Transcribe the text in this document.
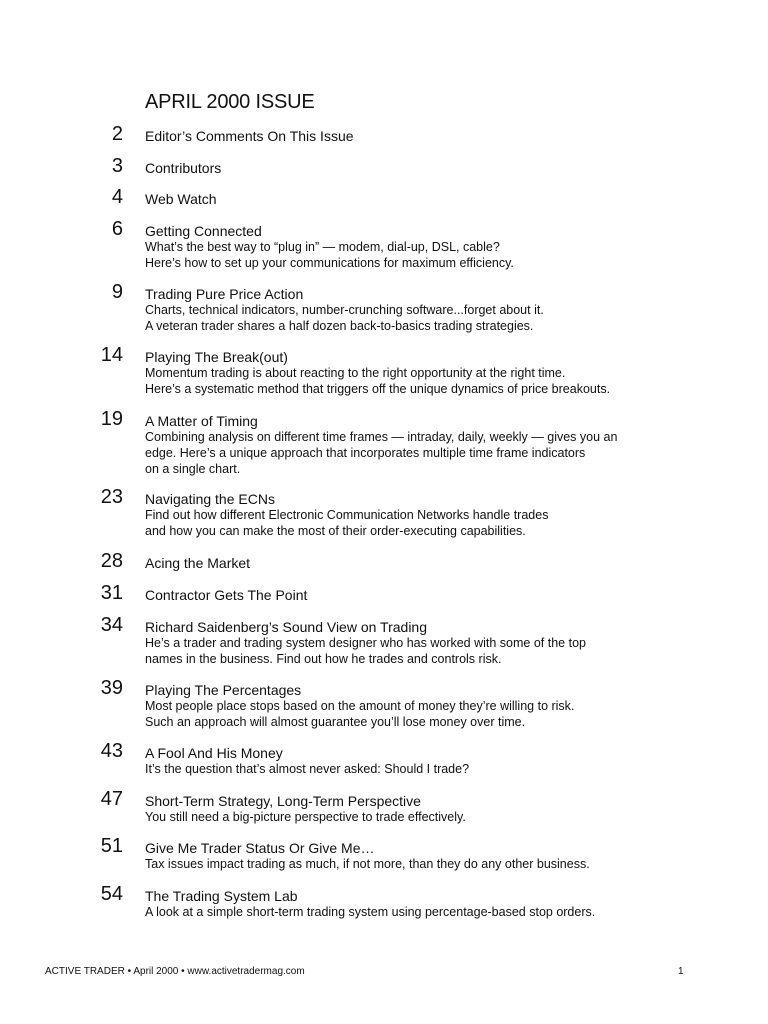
APRIL 2000 ISSUE
2 Editor’s Comments On This Issue
3 Contributors
4 Web Watch
6 Getting Connected
What’s the best way to “plug in” — modem, dial-up, DSL, cable?
Here’s how to set up your communications for maximum efficiency.
9 Trading Pure Price Action
Charts, technical indicators, number-crunching software...forget about it.
A veteran trader shares a half dozen back-to-basics trading strategies.
14 Playing The Break(out)
Momentum trading is about reacting to the right opportunity at the right time.
Here’s a systematic method that triggers off the unique dynamics of price breakouts.
19 A Matter of Timing
Combining analysis on different time frames — intraday, daily, weekly — gives you an
edge. Here’s a unique approach that incorporates multiple time frame indicators
on a single chart.
23 Navigating the ECNs
Find out how different Electronic Communication Networks handle trades
and how you can make the most of their order-executing capabilities.
28 Acing the Market
31 Contractor Gets The Point
34 Richard Saidenberg’s Sound View on Trading
He’s a trader and trading system designer who has worked with some of the top
names in the business. Find out how he trades and controls risk.
39 Playing The Percentages
Most people place stops based on the amount of money they’re willing to risk.
Such an approach will almost guarantee you’ll lose money over time.
43 A Fool And His Money
It’s the question that’s almost never asked: Should I trade?
47 Short-Term Strategy, Long-Term Perspective
You still need a big-picture perspective to trade effectively.
51 Give Me Trader Status Or Give Me…
Tax issues impact trading as much, if not more, than they do any other business.
54 The Trading System Lab
A look at a simple short-term trading system using percentage-based stop orders.
ACTIVE TRADER • April 2000 • www.activetradermag.com	1
